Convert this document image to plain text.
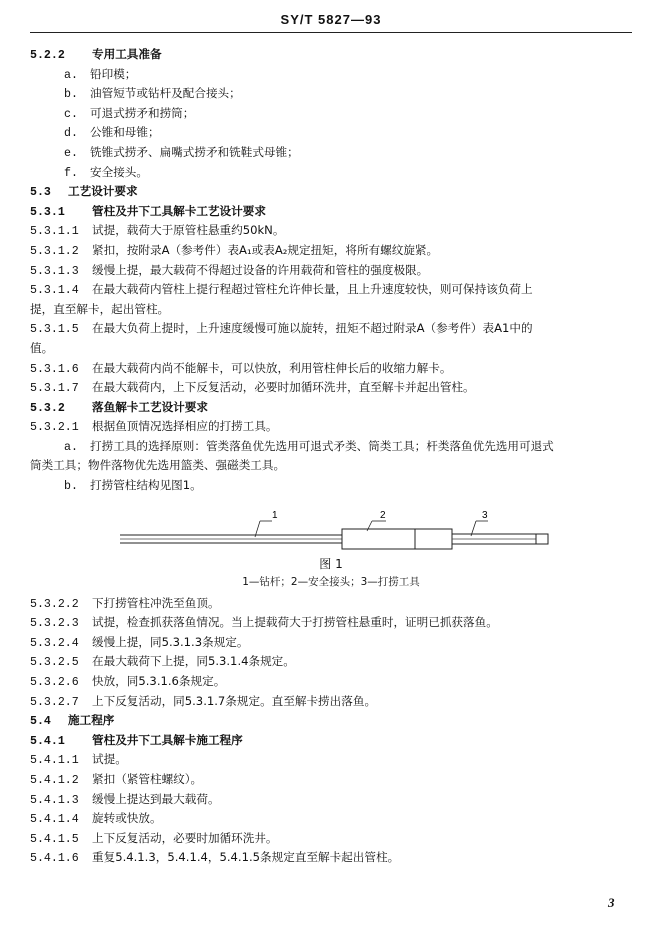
SY/T 5827—93
5.2.2 专用工具准备
a. 铅印模；
b. 油管短节或钻杆及配合接头；
c. 可退式捞矛和捞筒；
d. 公锥和母锥；
e. 铣锥式捞矛、扁嘴式捞矛和铣鞋式母锥；
f. 安全接头。
5.3 工艺设计要求
5.3.1 管柱及井下工具解卡工艺设计要求
5.3.1.1 试提，载荷大于原管柱悬重约50kN。
5.3.1.2 紧扣，按附录A（参考件）表A₁或表A₂规定扭矩，将所有螺纹旋紧。
5.3.1.3 缓慢上提，最大载荷不得超过设备的许用载荷和管柱的强度极限。
5.3.1.4 在最大载荷内管柱上提行程超过管柱允许伸长量，且上升速度较快，则可保持该负荷上
提，直至解卡，起出管柱。
5.3.1.5 在最大负荷上提时，上升速度缓慢可施以旋转，扭矩不超过附录A（参考件）表A1中的
值。
5.3.1.6 在最大载荷内尚不能解卡，可以快放，利用管柱伸长后的收缩力解卡。
5.3.1.7 在最大载荷内，上下反复活动，必要时加循环洗井，直至解卡并起出管柱。
5.3.2 落鱼解卡工艺设计要求
5.3.2.1 根据鱼顶情况选择相应的打捞工具。
a. 打捞工具的选择原则：管类落鱼优先选用可退式矛类、筒类工具；杆类落鱼优先选用可退式
筒类工具；物件落物优先选用篮类、强磁类工具。
b. 打捞管柱结构见图1。
1	2	3
图 1
1—钻杆；2—安全接头；3—打捞工具
5.3.2.2 下打捞管柱冲洗至鱼顶。
5.3.2.3 试提，检查抓获落鱼情况。当上提载荷大于打捞管柱悬重时，证明已抓获落鱼。
5.3.2.4 缓慢上提，同5.3.1.3条规定。
5.3.2.5 在最大载荷下上提，同5.3.1.4条规定。
5.3.2.6 快放，同5.3.1.6条规定。
5.3.2.7 上下反复活动，同5.3.1.7条规定。直至解卡捞出落鱼。
5.4 施工程序
5.4.1 管柱及井下工具解卡施工程序
5.4.1.1 试提。
5.4.1.2 紧扣（紧管柱螺纹）。
5.4.1.3 缓慢上提达到最大载荷。
5.4.1.4 旋转或快放。
5.4.1.5 上下反复活动，必要时加循环洗井。
5.4.1.6 重复5.4.1.3，5.4.1.4，5.4.1.5条规定直至解卡起出管柱。
3
